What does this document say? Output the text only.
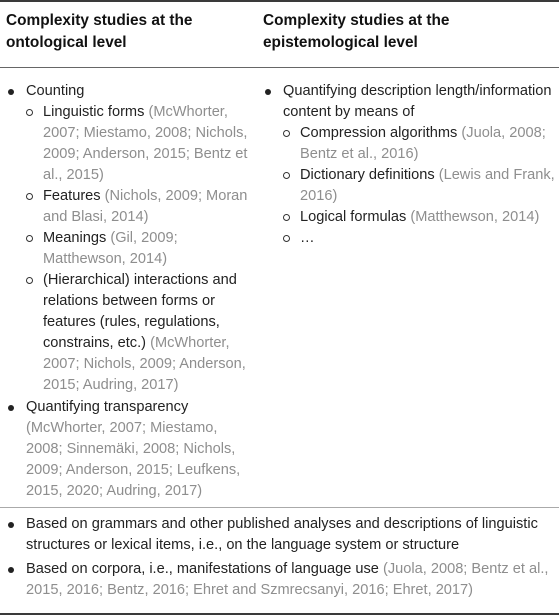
Complexity studies at the ontological level
Complexity studies at the epistemological level
Counting
Linguistic forms (McWhorter, 2007; Miestamo, 2008; Nichols, 2009; Anderson, 2015; Bentz et al., 2015)
Features (Nichols, 2009; Moran and Blasi, 2014)
Meanings (Gil, 2009; Matthewson, 2014)
(Hierarchical) interactions and relations between forms or features (rules, regulations, constrains, etc.) (McWhorter, 2007; Nichols, 2009; Anderson, 2015; Audring, 2017)
Quantifying transparency
(McWhorter, 2007; Miestamo, 2008; Sinnemäki, 2008; Nichols, 2009; Anderson, 2015; Leufkens, 2015, 2020; Audring, 2017)
Quantifying description length/information content by means of
Compression algorithms (Juola, 2008; Bentz et al., 2016)
Dictionary definitions (Lewis and Frank, 2016)
Logical formulas (Matthewson, 2014)
…
Based on grammars and other published analyses and descriptions of linguistic structures or lexical items, i.e., on the language system or structure
Based on corpora, i.e., manifestations of language use (Juola, 2008; Bentz et al., 2015, 2016; Bentz, 2016; Ehret and Szmrecsanyi, 2016; Ehret, 2017)
